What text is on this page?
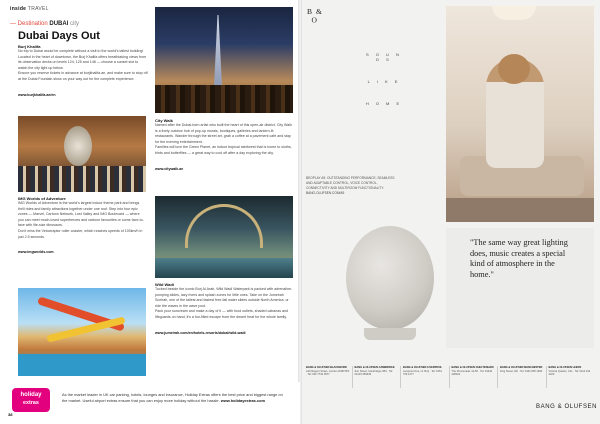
inside TRAVEL
— Destination DUBAI city
Dubai Days Out
Burj Khalifa

No trip to Dubai would be complete without a visit to the world's tallest building! Located in the heart of downtown, the Burj Khalifa offers breathtaking views from its observation decks on levels 124, 125 and 148 — choose a sunset slot to watch the city light up below.

Ensure you reserve tickets in advance at burjkhalifa.ae, and make sure to stop off at the Dubai Fountain show on your way out for the complete experience.

www.burjkhalifa.ae/en
City Walk

Named after the Dubai-born artist who built the heart of this open-air district, City Walk is a lively outdoor hub of pop-up murals, boutiques, galleries and lantern-lit restaurants. Wander through the street art, grab a coffee at a pavement café and stay for the evening entertainment.

Families will love the Green Planet, an indoor tropical rainforest that is home to sloths, birds and butterflies — a great way to cool off after a day exploring the city.

www.citywalk.ae
IMG Worlds of Adventure

IMG Worlds of Adventure is the world's largest indoor theme park and brings thrill rides and family attractions together under one roof. Step into four epic zones — Marvel, Cartoon Network, Lost Valley and IMG Boulevard — where you can meet much-loved superheroes and cartoon favourites or come face-to-face with life-size dinosaurs.

Don't miss the Velociraptor roller coaster, which reaches speeds of 100km/h in just 2.5 seconds.

www.imgworlds.com
Wild Wadi

Tucked beside the iconic Burj Al Arab, Wild Wadi Waterpark is packed with adrenaline-pumping slides, lazy rivers and splash zones for little ones. Take on the Jumeirah Sceirah, one of the tallest and fastest free-fall water slides outside North America, or ride the waves in the wave pool.

Pack your suncream and make a day of it — with food outlets, shaded cabanas and lifeguards on hand, it's a fun-filled escape from the desert heat for the whole family.

www.jumeirah.com/en/hotels-resorts/dubai/wild-wadi
holiday
extras

As the market leader in UK car parking, hotels, lounges and insurance, Holiday Extras offers the best price and biggest range on the market. Useful airport extras ensure that you can enjoy more holiday without the hassle. www.holidayextras.com

38
B &
O
S O U N D S
L I K E
H O M E
BEOPLAY A9: OUTSTANDING PERFORMANCE, SEAMLESS AND ADAPTABLE CONTROL, VOICE CONTROL, CONNECTIVITY AND MULTIROOM FUNCTIONALITY.
BANG-OLUFSEN.COM/A9

"The same way great lighting does, music creates a special kind of atmosphere in the home."

BANG & OLUFSEN BLACKBURN
A10 Regent Street, London W1B 5PX · Tel: 020 7734 0577
BANG & OLUFSEN CAMBRIDGE
Sun Street, Cambridge CB4 · Tel: 01223 359339
BANG & OLUFSEN LIVERPOOL
Liverpool One, L1 8LQ · Tel: 0151 709 1277
BANG & OLUFSEN CHELTENHAM
The Promenade, GL50 · Tel: 01242 228322
BANG & OLUFSEN MANCHESTER
King Street, M2 · Tel: 0161 835 1900
BANG & OLUFSEN LEEDS
Victoria Quarter, LS1 · Tel: 0113 244 4220
BANG & OLUFSEN
